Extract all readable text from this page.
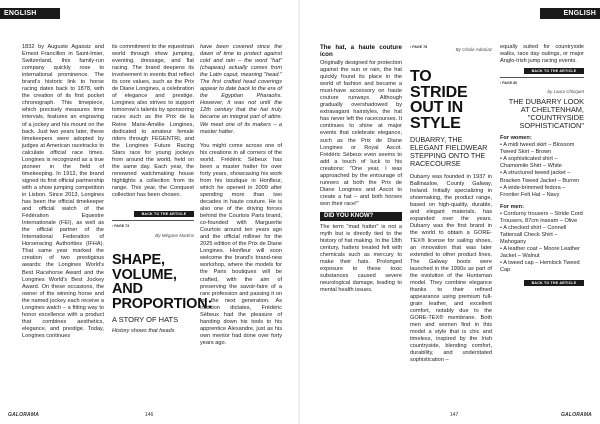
ENGLISH TEXTS

1832 by Auguste Agassiz and Ernest Francillon in Saint-Imier, Switzerland, this family-run company quickly rose to international prominence. The brand's historic link to horse racing dates back to 1878, with the creation of its first pocket chronograph. This timepiece, which precisely measures time intervals, features an engraving of a jockey and his mount on the back. Just two years later, these timekeepers were adopted by judges at American racetracks to calculate official race times. Longines is recognized as a true pioneer in the field of timekeeping. In 1912, the brand signed its first official partnership with a show jumping competition in Lisbon. Since 2013, Longines has been the official timekeeper and official watch of the Fédération Equestre Internationale (FEI), as well as the official partner of the International Federation of Horseracing Authorities (IFHA). That same year marked the creation of two prestigious awards: the Longines World's Best Racehorse Award and the Longines World's Best Jockey Award. On these occasions, the owner of the winning horse and the named jockey each receive a Longines watch – a fitting way to honor excellence with a product that combines aesthetics, elegance, and prestige. Today, Longines continues

its commitment to the equestrian world through show jumping, eventing, dressage, and flat racing. The brand deepens its involvement in events that reflect its core values, such as the Prix de Diane Longines, a celebration of elegance and prestige. Longines also strives to support tomorrow's talents by sponsoring races such as the Prix de la Reine Marie-Amélie Longines, dedicated to amateur female riders through FEGENTRI, and the Longines Future Racing Stars race for young jockeys from around the world, held on the same day. Each year, the renowned watchmaking house highlights a collection from its range. This year, the Conquest collection has been chosen.

BACK TO THE ARTICLE
› PAGE 73
By Mégane Martins
SHAPE, VOLUME, AND PROPORTION:
A STORY OF HATS

History shows that heads

have been covered since the dawn of time to protect against cold and rain – the word "hat" (chapeau) actually comes from the Latin caput, meaning "head." The first crafted head coverings appear to date back to the era of the Egyptian Pharaohs. However, it was not until the 12th century that the hat truly became an integral part of attire. We meet one of its makers – a master hatter.

You might come across one of his creations in all corners of the world. Frédéric Sébeux has been a master hatter for over forty years, showcasing his work from his boutique in Honfleur, which he opened in 2009 after spending more than two decades in haute couture. He is also one of the driving forces behind the Courtois Paris brand, co-founded with Marguerite Courtois around ten years ago and the official milliner for the 2025 edition of the Prix de Diane Longines. Honfleur will soon welcome the brand's brand-new workshop, where the models for the Paris boutiques will be crafted, with the aim of preserving the savoir-faire of a rare profession and passing it on to the next generation. As tradition dictates, Frédéric Sébeux had the pleasure of handing down his tools to his apprentice Alexandre, just as his own mentor had done over forty years ago.

GALORAMA	146
ENGLISH TEXTS
The hat, a haute couture icon

Originally designed for protection against the sun or rain, the hat quickly found its place in the world of fashion and became a must-have accessory on haute couture runways. Although gradually overshadowed by extravagant hairstyles, the hat has never left the racecourses. It continues to shine at major events that celebrate elegance, such as the Prix de Diane Longines or Royal Ascot. Frédéric Sébeux even seems to add a touch of luck to his creations: "One year, I was approached by the entourage of runners at both the Prix de Diane Longines and Ascot to create a hat – and both horses won their race!"

DID YOU KNOW?

The term "mad hatter" is not a myth but is directly tied to the history of hat making. In the 18th century, hatters treated felt with chemicals such as mercury to make their hats. Prolonged exposure to these toxic substances caused severe neurological damage, leading to mental health issues.

› PAGE 78
By Cécile Adoniaz
TO STRIDE OUT IN STYLE
DUBARRY, THE ELEGANT FIELDWEAR STEPPING ONTO THE RACECOURSE

Dubarry was founded in 1937 in Ballinasloe, County Galway, Ireland. Initially specializing in shoemaking, the product range, based on high-quality, durable, and elegant materials, has expanded over the years. Dubarry was the first brand in the world to obtain a GORE-TEX® license for sailing shoes, an innovation that was later extended to other product lines. The Galway boots were launched in the 1990s as part of the evolution of the Huntsman model. They combine elegance thanks to their refined appearance using premium full-grain leather, and excellent comfort, notably due to the GORE-TEX® membrane. Both men and women find in this model a style that is chic and timeless, inspired by the Irish countryside, blending comfort, durability, and understated sophistication –

equally suited for countryside walks, race day outings, or major Anglo-Irish jump racing events.

BACK TO THE ARTICLE
› PAGE 80
by Laura Chicquet
THE DUBARRY LOOK AT CHELTENHAM, "COUNTRYSIDE SOPHISTICATION"

For women:

• A midi tweed skirt – Blossom Tweed Skirt – Brown

• A sophisticated shirt – Chamomile Shirt – White

• A structured tweed jacket – Bracken Tweed Jacket – Burren

• A wide-brimmed fedora – Frontier Felt Hat – Navy

For men:

• Corduroy trousers – Stride Cord Trousers, 87cm inseam – Olive

• A checked shirt – Connell Tattersall Check Shirt – Mahogany

• A leather coat – Moore Leather Jacket – Walnut

• A tweed cap – Hemlock Tweed Cap

BACK TO THE ARTICLE
147	GALORAMA
